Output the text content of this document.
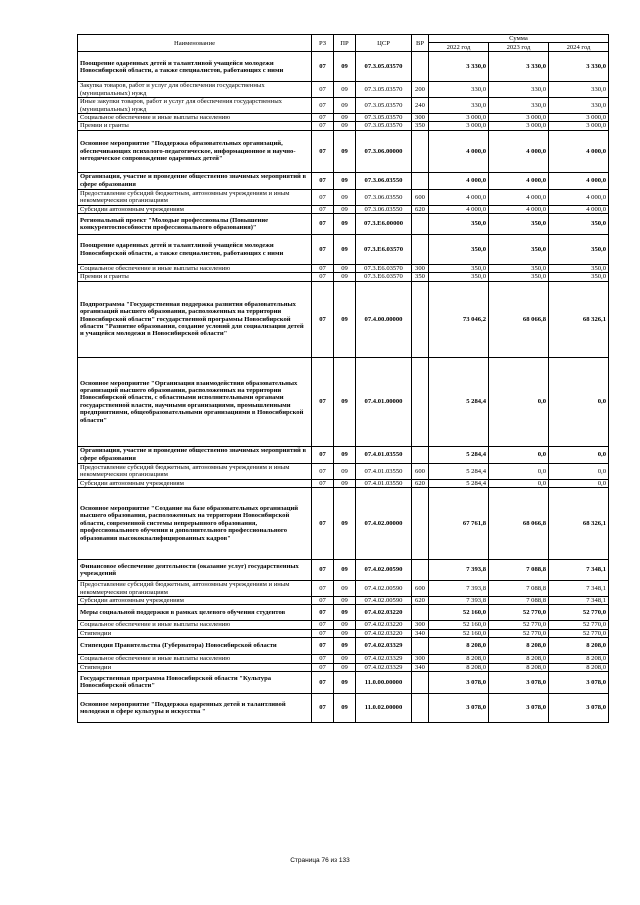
Наименование	РЗ	ПР	ЦСР	ВР	Сумма		
					2022 год	2023 год	2024 год
Поощрение одаренных детей и талантливой учащейся молодежи Новосибирской области, а также специалистов, работающих с ними	07	09	07.3.05.03570		3 330,0	3 330,0	3 330,0
Закупка товаров, работ и услуг для обеспечения государственных (муниципальных) нужд	07	09	07.3.05.03570	200	330,0	330,0	330,0
Иные закупки товаров, работ и услуг для обеспечения государственных (муниципальных) нужд	07	09	07.3.05.03570	240	330,0	330,0	330,0
Социальное обеспечение и иные выплаты населению	07	09	07.3.05.03570	300	3 000,0	3 000,0	3 000,0
Премии и гранты	07	09	07.3.05.03570	350	3 000,0	3 000,0	3 000,0
Основное мероприятие "Поддержка образовательных организаций, обеспечивающих психолого-педагогическое, информационное и научно-методическое сопровождение одаренных детей"	07	09	07.3.06.00000		4 000,0	4 000,0	4 000,0
Организация, участие и проведение общественно значимых мероприятий в сфере образования	07	09	07.3.06.03550		4 000,0	4 000,0	4 000,0
Предоставление субсидий бюджетным, автономным учреждениям и иным некоммерческим организациям	07	09	07.3.06.03550	600	4 000,0	4 000,0	4 000,0
Субсидии автономным учреждениям	07	09	07.3.06.03550	620	4 000,0	4 000,0	4 000,0
Региональный проект "Молодые профессионалы (Повышение конкурентоспособности профессионального образования)"	07	09	07.3.E6.00000		350,0	350,0	350,0
Поощрение одаренных детей и талантливой учащейся молодежи Новосибирской области, а также специалистов, работающих с ними	07	09	07.3.E6.03570		350,0	350,0	350,0
Социальное обеспечение и иные выплаты населению	07	09	07.3.E6.03570	300	350,0	350,0	350,0
Премии и гранты	07	09	07.3.E6.03570	350	350,0	350,0	350,0
Подпрограмма "Государственная поддержка развития образовательных организаций высшего образования, расположенных на территории Новосибирской области" государственной программы Новосибирской области "Развитие образования, создание условий для социализации детей и учащейся молодежи в Новосибирской области"	07	09	07.4.00.00000		73 046,2	68 066,8	68 326,1
Основное мероприятие "Организация взаимодействия образовательных организаций высшего образования, расположенных на территории Новосибирской области, с областными исполнительными органами государственной власти, научными организациями, промышленными предприятиями, общеобразовательными организациями в Новосибирской области"	07	09	07.4.01.00000		5 284,4	0,0	0,0
Организация, участие и проведение общественно значимых мероприятий в сфере образования	07	09	07.4.01.03550		5 284,4	0,0	0,0
Предоставление субсидий бюджетным, автономным учреждениям и иным некоммерческим организациям	07	09	07.4.01.03550	600	5 284,4	0,0	0,0
Субсидии автономным учреждениям	07	09	07.4.01.03550	620	5 284,4	0,0	0,0
Основное мероприятие "Создание на базе образовательных организаций высшего образования, расположенных на территории Новосибирской области, современной системы непрерывного образования, профессионального обучения и дополнительного профессионального образования высококвалифицированных кадров"	07	09	07.4.02.00000		67 761,8	68 066,8	68 326,1
Финансовое обеспечение деятельности (оказание услуг) государственных учреждений	07	09	07.4.02.00590		7 393,8	7 088,8	7 348,1
Предоставление субсидий бюджетным, автономным учреждениям и иным некоммерческим организациям	07	09	07.4.02.00590	600	7 393,8	7 088,8	7 348,1
Субсидии автономным учреждениям	07	09	07.4.02.00590	620	7 393,8	7 088,8	7 348,1
Меры социальной поддержки в рамках целевого обучения студентов	07	09	07.4.02.03220		52 160,0	52 770,0	52 770,0
Социальное обеспечение и иные выплаты населению	07	09	07.4.02.03220	300	52 160,0	52 770,0	52 770,0
Стипендии	07	09	07.4.02.03220	340	52 160,0	52 770,0	52 770,0
Стипендия Правительства (Губернатора) Новосибирской области	07	09	07.4.02.03329		8 208,0	8 208,0	8 208,0
Социальное обеспечение и иные выплаты населению	07	09	07.4.02.03329	300	8 208,0	8 208,0	8 208,0
Стипендии	07	09	07.4.02.03329	340	8 208,0	8 208,0	8 208,0
Государственная программа Новосибирской области "Культура Новосибирской области"	07	09	11.0.00.00000		3 078,0	3 078,0	3 078,0
Основное мероприятие "Поддержка одаренных детей и талантливой молодежи в сфере культуры и искусства "	07	09	11.0.02.00000		3 078,0	3 078,0	3 078,0
Страница 76 из 133
